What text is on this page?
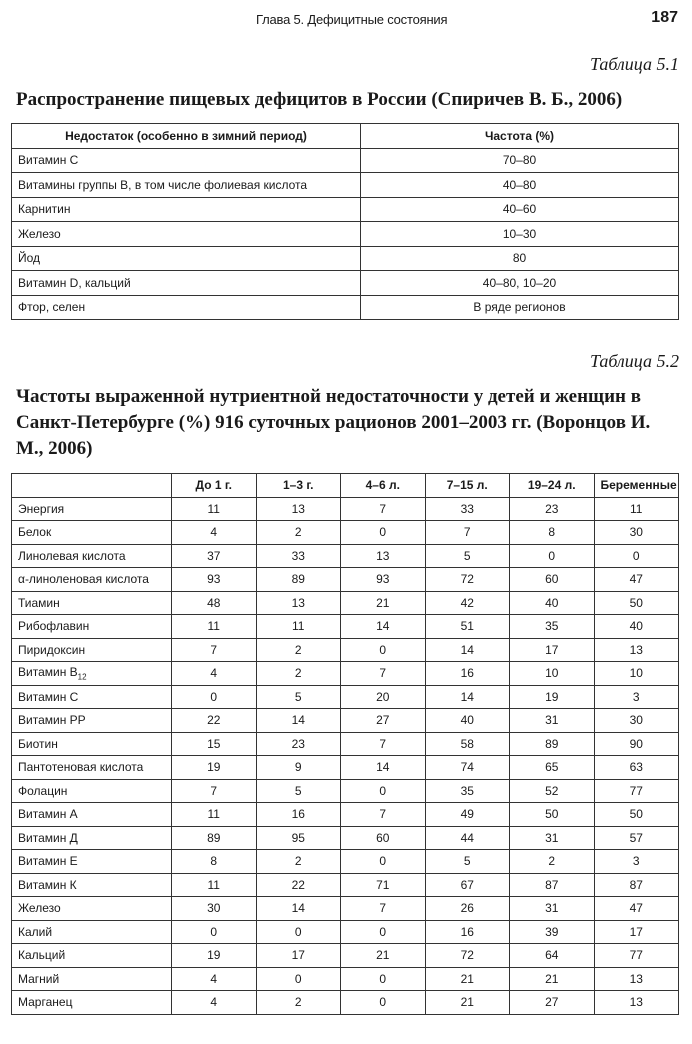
Глава 5. Дефицитные состояния	187
Таблица 5.1
Распространение пищевых дефицитов в России (Спиричев В. Б., 2006)
Недостаток (особенно в зимний период)	Частота (%)
Витамин С	70–80
Витамины группы В, в том числе фолиевая кислота	40–80
Карнитин	40–60
Железо	10–30
Йод	80
Витамин D, кальций	40–80, 10–20
Фтор, селен	В ряде регионов
Таблица 5.2
Частоты выраженной нутриентной недостаточности у детей и женщин в Санкт-Петербурге (%) 916 суточных рационов 2001–2003 гг. (Воронцов И. М., 2006)
	До 1 г.	1–3 г.	4–6 л.	7–15 л.	19–24 л.	Беременные
Энергия	11	13	7	33	23	11
Белок	4	2	0	7	8	30
Линолевая кислота	37	33	13	5	0	0
α-линоленовая кислота	93	89	93	72	60	47
Тиамин	48	13	21	42	40	50
Рибофлавин	11	11	14	51	35	40
Пиридоксин	7	2	0	14	17	13
Витамин $В_{12}$	4	2	7	16	10	10
Витамин С	0	5	20	14	19	3
Витамин РР	22	14	27	40	31	30
Биотин	15	23	7	58	89	90
Пантотеновая кислота	19	9	14	74	65	63
Фолацин	7	5	0	35	52	77
Витамин А	11	16	7	49	50	50
Витамин Д	89	95	60	44	31	57
Витамин Е	8	2	0	5	2	3
Витамин К	11	22	71	67	87	87
Железо	30	14	7	26	31	47
Калий	0	0	0	16	39	17
Кальций	19	17	21	72	64	77
Магний	4	0	0	21	21	13
Марганец	4	2	0	21	27	13
